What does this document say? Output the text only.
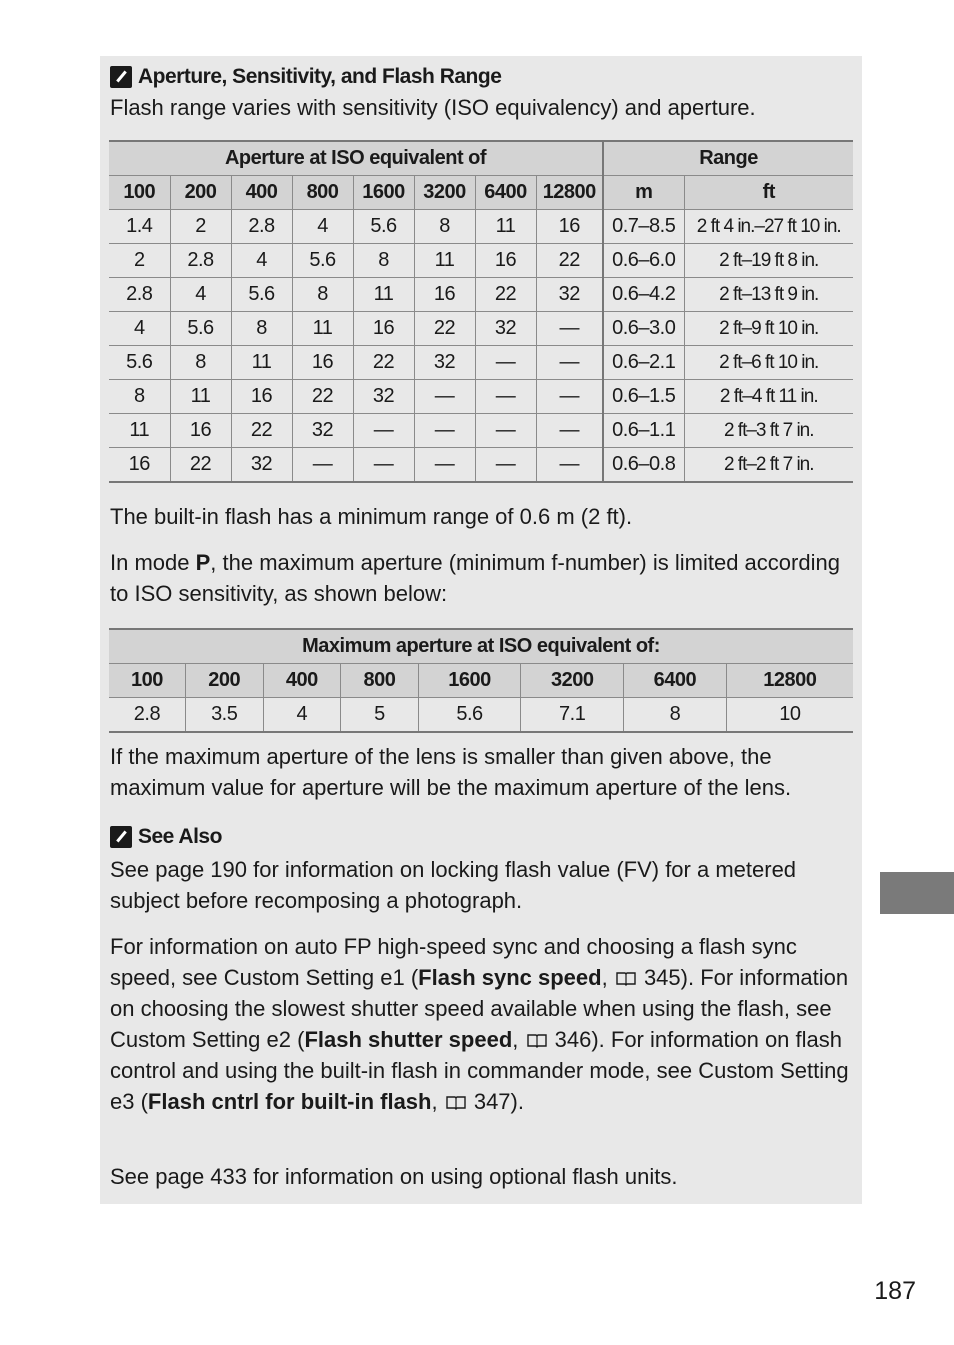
Aperture, Sensitivity, and Flash Range

Flash range varies with sensitivity (ISO equivalency) and aperture.

Aperture at ISO equivalent of								Range	
100	200	400	800	1600	3200	6400	12800	m	ft
1.4	2	2.8	4	5.6	8	11	16	0.7–8.5	2 ft 4 in.–27 ft 10 in.
2	2.8	4	5.6	8	11	16	22	0.6–6.0	2 ft–19 ft 8 in.
2.8	4	5.6	8	11	16	22	32	0.6–4.2	2 ft–13 ft 9 in.
4	5.6	8	11	16	22	32	—	0.6–3.0	2 ft–9 ft 10 in.
5.6	8	11	16	22	32	—	—	0.6–2.1	2 ft–6 ft 10 in.
8	11	16	22	32	—	—	—	0.6–1.5	2 ft–4 ft 11 in.
11	16	22	32	—	—	—	—	0.6–1.1	2 ft–3 ft 7 in.
16	22	32	—	—	—	—	—	0.6–0.8	2 ft–2 ft 7 in.

The built-in flash has a minimum range of 0.6 m (2 ft).

In mode P, the maximum aperture (minimum f-number) is limited according to ISO sensitivity, as shown below:

Maximum aperture at ISO equivalent of:							
100	200	400	800	1600	3200	6400	12800
2.8	3.5	4	5	5.6	7.1	8	10

If the maximum aperture of the lens is smaller than given above, the maximum value for aperture will be the maximum aperture of the lens.

See Also

See page 190 for information on locking flash value (FV) for a metered subject before recomposing a photograph.

For information on auto FP high-speed sync and choosing a flash sync speed, see Custom Setting e1 (Flash sync speed,  345). For information on choosing the slowest shutter speed available when using the flash, see Custom Setting e2 (Flash shutter speed,  346). For information on flash control and using the built-in flash in commander mode, see Custom Setting e3 (Flash cntrl for built-in flash,  347).

See page 433 for information on using optional flash units.

187
